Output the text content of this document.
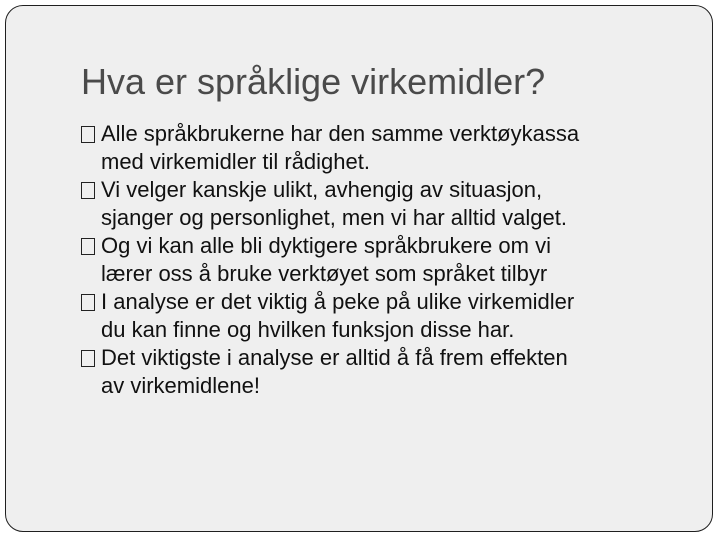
Hva er språklige virkemidler?
Alle språkbrukerne har den samme verktøykassa
med virkemidler til rådighet.
Vi velger kanskje ulikt, avhengig av situasjon,
sjanger og personlighet, men vi har alltid valget.
Og vi kan alle bli dyktigere språkbrukere om vi
lærer oss å bruke verktøyet som språket tilbyr
I analyse er det viktig å peke på ulike virkemidler
du kan finne og hvilken funksjon disse har.
Det viktigste i analyse er alltid å få frem effekten
av virkemidlene!
